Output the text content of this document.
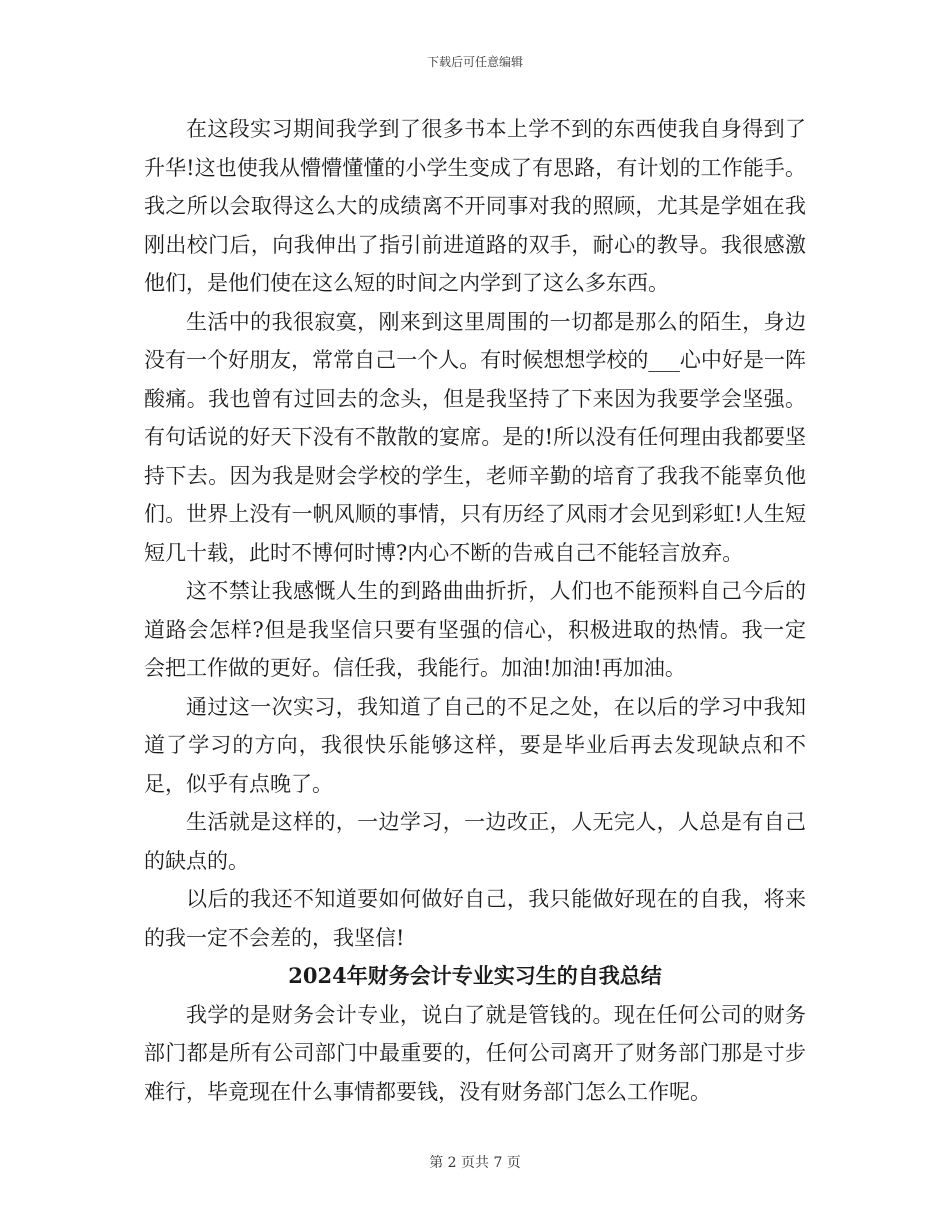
下载后可任意编辑

在这段实习期间我学到了很多书本上学不到的东西使我自身得到了升华!这也使我从懵懵懂懂的小学生变成了有思路，有计划的工作能手。我之所以会取得这么大的成绩离不开同事对我的照顾，尤其是学姐在我刚出校门后，向我伸出了指引前进道路的双手，耐心的教导。我很感激他们，是他们使在这么短的时间之内学到了这么多东西。

生活中的我很寂寞，刚来到这里周围的一切都是那么的陌生，身边没有一个好朋友，常常自己一个人。有时候想想学校的___心中好是一阵酸痛。我也曾有过回去的念头，但是我坚持了下来因为我要学会坚强。有句话说的好天下没有不散散的宴席。是的!所以没有任何理由我都要坚持下去。因为我是财会学校的学生，老师辛勤的培育了我我不能辜负他们。世界上没有一帆风顺的事情，只有历经了风雨才会见到彩虹!人生短短几十载，此时不博何时博?内心不断的告戒自己不能轻言放弃。

这不禁让我感慨人生的到路曲曲折折，人们也不能预料自己今后的道路会怎样?但是我坚信只要有坚强的信心，积极进取的热情。我一定会把工作做的更好。信任我，我能行。加油!加油!再加油。

通过这一次实习，我知道了自己的不足之处，在以后的学习中我知道了学习的方向，我很快乐能够这样，要是毕业后再去发现缺点和不足，似乎有点晚了。

生活就是这样的，一边学习，一边改正，人无完人，人总是有自己的缺点的。

以后的我还不知道要如何做好自己，我只能做好现在的自我，将来的我一定不会差的，我坚信!

2024年财务会计专业实习生的自我总结

我学的是财务会计专业，说白了就是管钱的。现在任何公司的财务部门都是所有公司部门中最重要的，任何公司离开了财务部门那是寸步难行，毕竟现在什么事情都要钱，没有财务部门怎么工作呢。

第 2 页共 7 页
